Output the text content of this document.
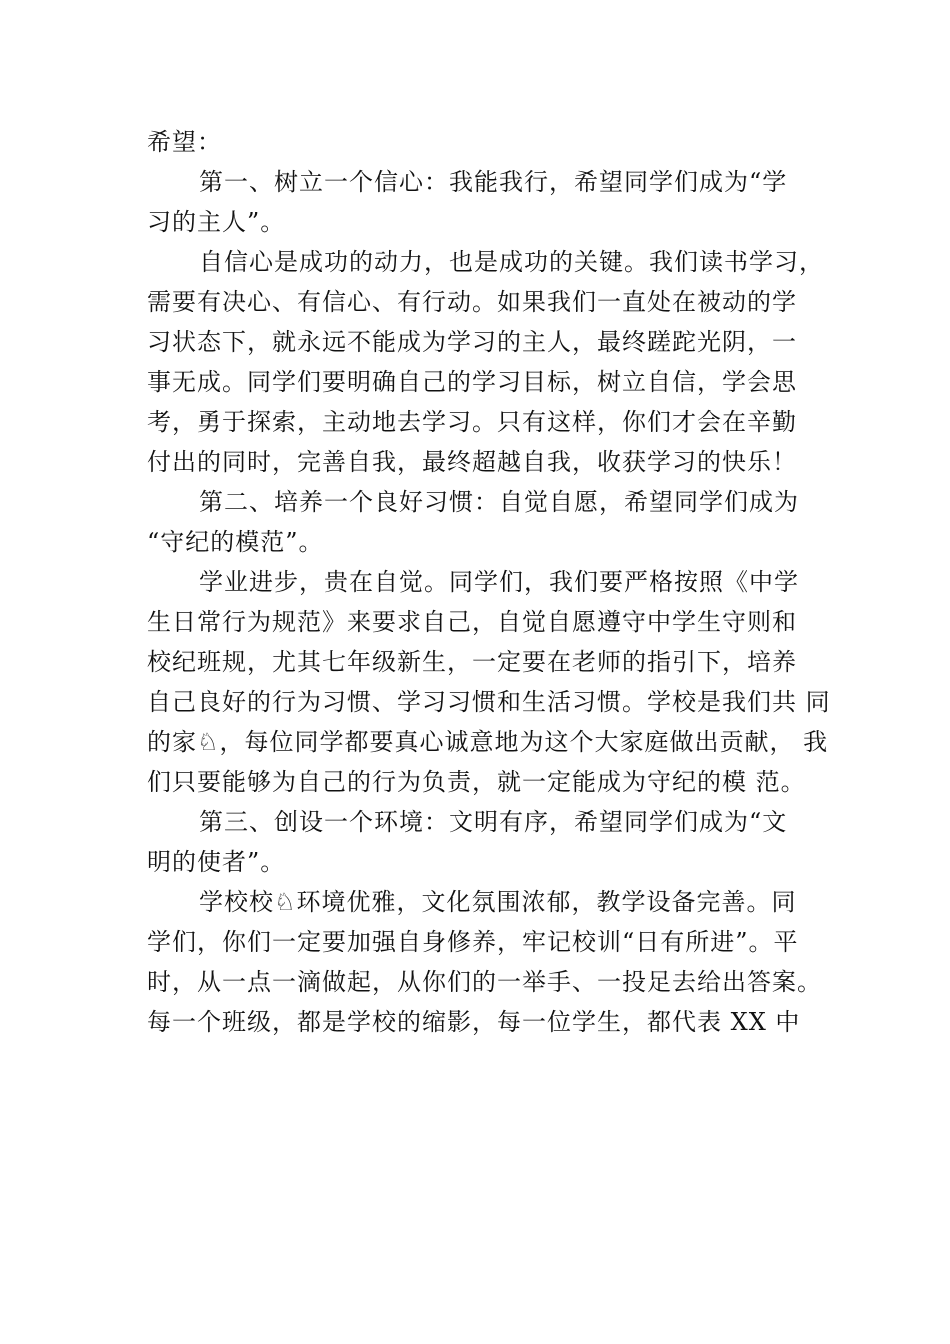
希望：
第一、树立一个信心：我能我行，希望同学们成为“学
习的主人”。
自信心是成功的动力，也是成功的关键。我们读书学习，
需要有决心、有信心、有行动。如果我们一直处在被动的学
习状态下，就永远不能成为学习的主人，最终蹉跎光阴，一
事无成。同学们要明确自己的学习目标，树立自信，学会思
考，勇于探索，主动地去学习。只有这样，你们才会在辛勤
付出的同时，完善自我，最终超越自我，收获学习的快乐！
第二、培养一个良好习惯：自觉自愿，希望同学们成为
“守纪的模范”。
学业进步，贵在自觉。同学们，我们要严格按照《中学
生日常行为规范》来要求自己，自觉自愿遵守中学生守则和
校纪班规，尤其七年级新生，一定要在老师的指引下，培养
自己良好的行为习惯、学习习惯和生活习惯。学校是我们共 同
的家♘，每位同学都要真心诚意地为这个大家庭做出贡献， 我
们只要能够为自己的行为负责，就一定能成为守纪的模 范。
第三、创设一个环境：文明有序，希望同学们成为“文
明的使者”。
学校校♘环境优雅，文化氛围浓郁，教学设备完善。同
学们，你们一定要加强自身修养，牢记校训“日有所进”。平
时，从一点一滴做起，从你们的一举手、一投足去给出答案。
每一个班级，都是学校的缩影，每一位学生，都代表 XX 中
